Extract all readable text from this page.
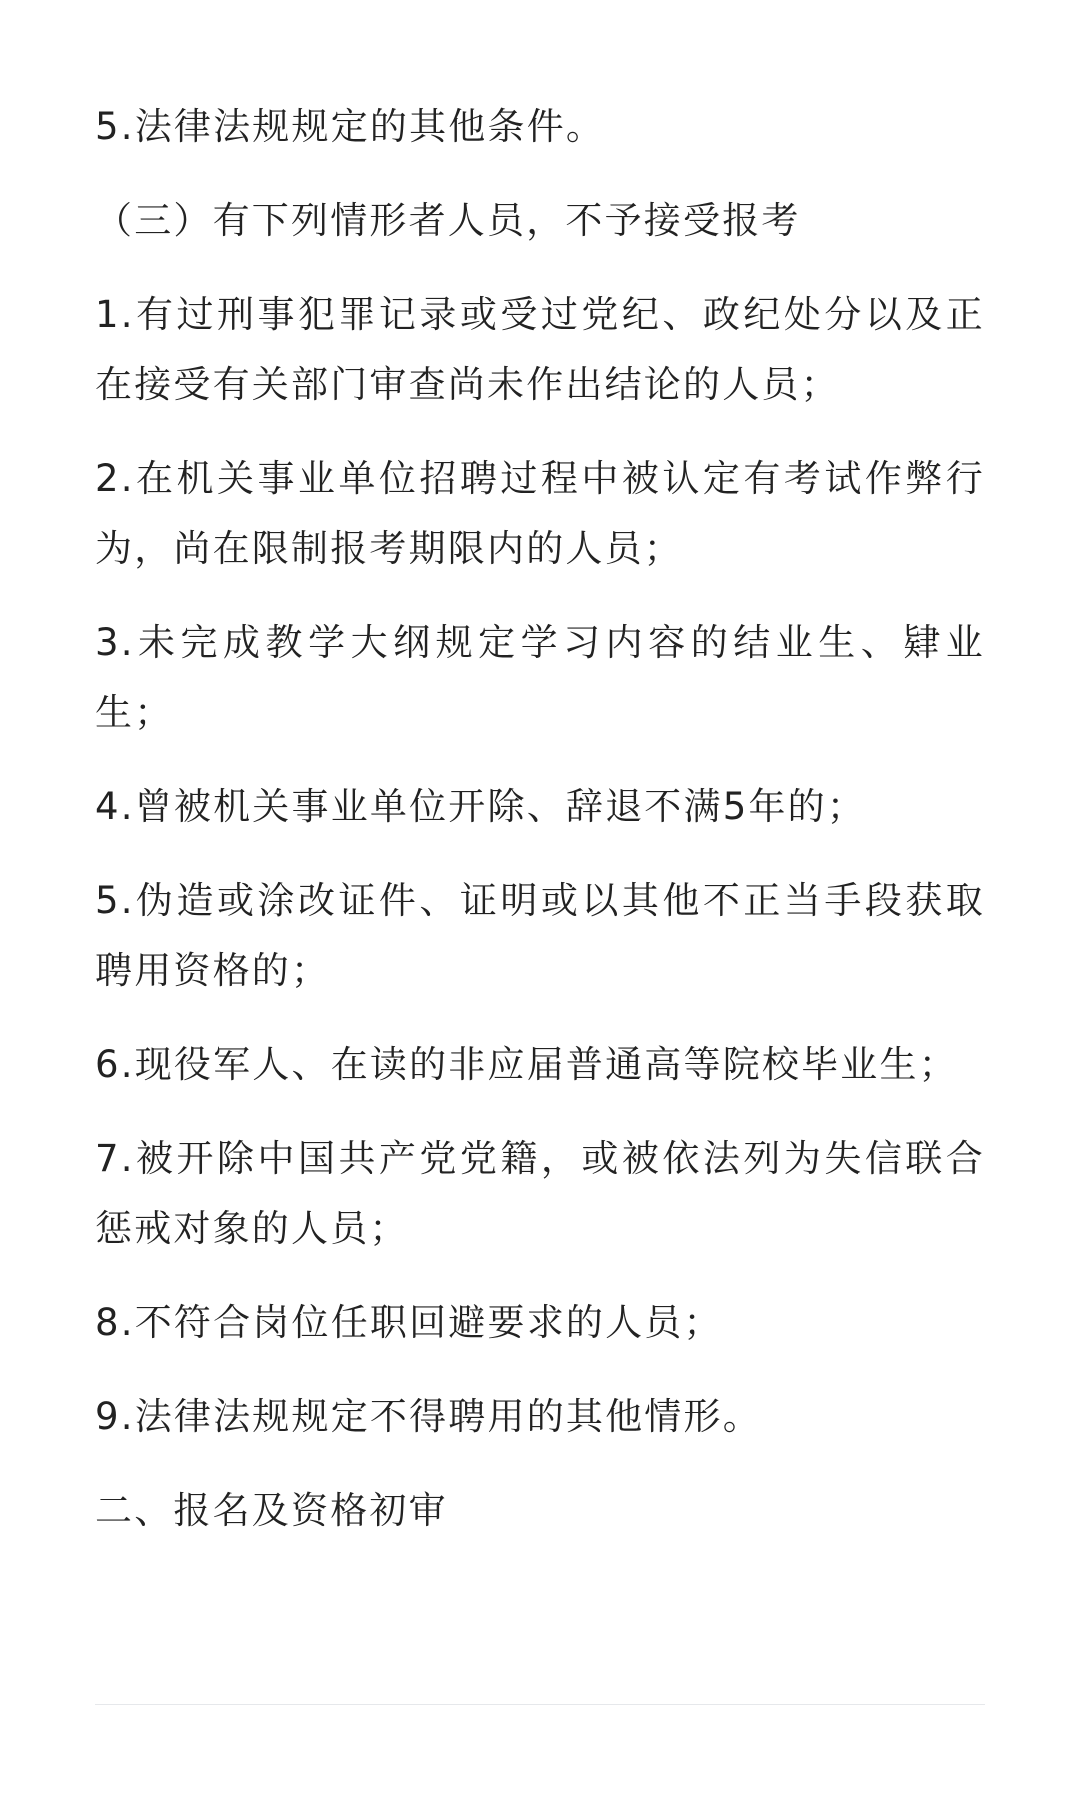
5.法律法规规定的其他条件。

（三）有下列情形者人员，不予接受报考

1.有过刑事犯罪记录或受过党纪、政纪处分以及正在接受有关部门审查尚未作出结论的人员；

2.在机关事业单位招聘过程中被认定有考试作弊行为，尚在限制报考期限内的人员；

3.未完成教学大纲规定学习内容的结业生、肄业生；

4.曾被机关事业单位开除、辞退不满5年的；

5.伪造或涂改证件、证明或以其他不正当手段获取聘用资格的；

6.现役军人、在读的非应届普通高等院校毕业生；

7.被开除中国共产党党籍，或被依法列为失信联合惩戒对象的人员；

8.不符合岗位任职回避要求的人员；

9.法律法规规定不得聘用的其他情形。

二、报名及资格初审
